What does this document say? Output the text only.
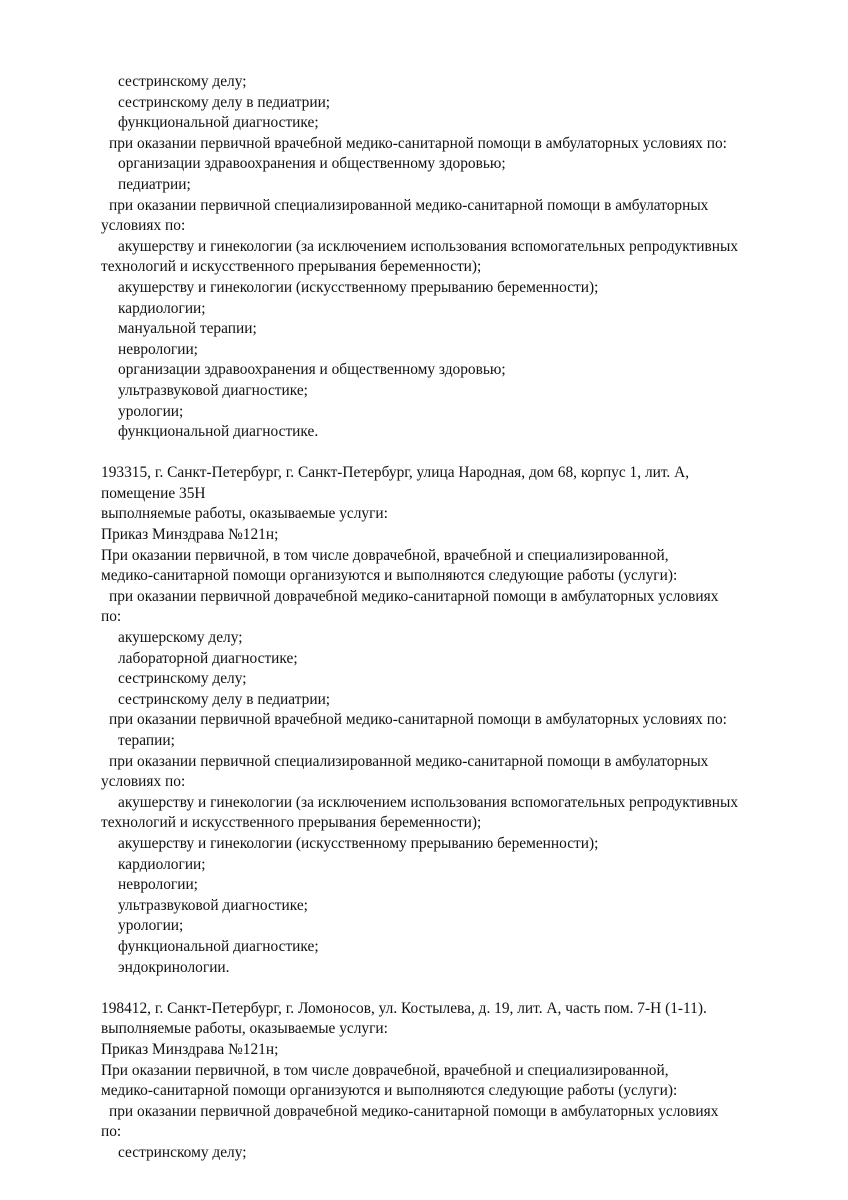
сестринскому делу;
сестринскому делу в педиатрии;
функциональной диагностике;
при оказании первичной врачебной медико-санитарной помощи в амбулаторных условиях по:
организации здравоохранения и общественному здоровью;
педиатрии;
при оказании первичной специализированной медико-санитарной помощи в амбулаторных
условиях по:
акушерству и гинекологии (за исключением использования вспомогательных репродуктивных
технологий и искусственного прерывания беременности);
акушерству и гинекологии (искусственному прерыванию беременности);
кардиологии;
мануальной терапии;
неврологии;
организации здравоохранения и общественному здоровью;
ультразвуковой диагностике;
урологии;
функциональной диагностике.
193315, г. Санкт-Петербург, г. Санкт-Петербург, улица Народная, дом 68, корпус 1, лит. А,
помещение 35Н
выполняемые работы, оказываемые услуги:
Приказ Минздрава №121н;
При оказании первичной, в том числе доврачебной, врачебной и специализированной,
медико-санитарной помощи организуются и выполняются следующие работы (услуги):
при оказании первичной доврачебной медико-санитарной помощи в амбулаторных условиях
по:
акушерскому делу;
лабораторной диагностике;
сестринскому делу;
сестринскому делу в педиатрии;
при оказании первичной врачебной медико-санитарной помощи в амбулаторных условиях по:
терапии;
при оказании первичной специализированной медико-санитарной помощи в амбулаторных
условиях по:
акушерству и гинекологии (за исключением использования вспомогательных репродуктивных
технологий и искусственного прерывания беременности);
акушерству и гинекологии (искусственному прерыванию беременности);
кардиологии;
неврологии;
ультразвуковой диагностике;
урологии;
функциональной диагностике;
эндокринологии.
198412, г. Санкт-Петербург, г. Ломоносов, ул. Костылева, д. 19, лит. А, часть пом. 7-Н (1-11).
выполняемые работы, оказываемые услуги:
Приказ Минздрава №121н;
При оказании первичной, в том числе доврачебной, врачебной и специализированной,
медико-санитарной помощи организуются и выполняются следующие работы (услуги):
при оказании первичной доврачебной медико-санитарной помощи в амбулаторных условиях
по:
сестринскому делу;
